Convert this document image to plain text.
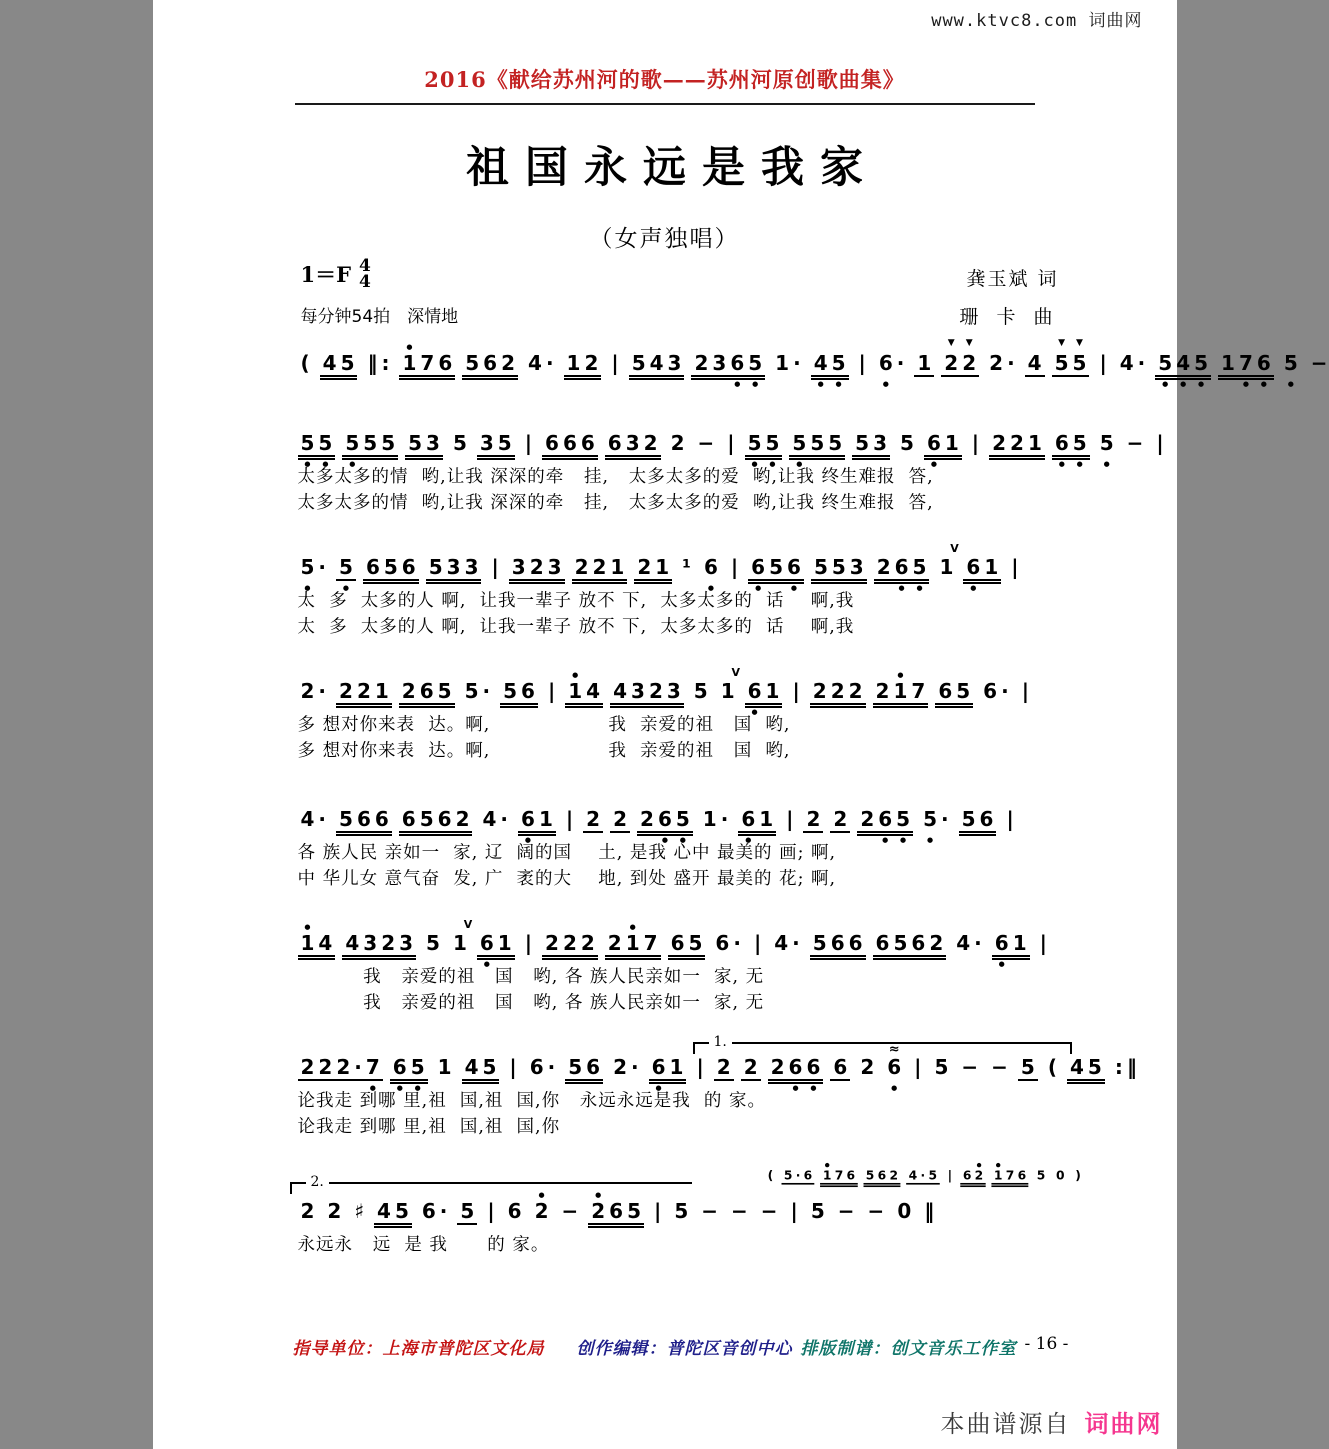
www.ktvc8.com 词曲网
2016《献给苏州河的歌——苏州河原创歌曲集》
祖国永远是我家
（女声独唱）
1＝F 4
4
每分钟54拍　深情地
龚玉斌 词
珊 卡 曲
( 4 5 ‖ : 1
●
7 6 5 6 2 4 · 1 2 | 5 4 3 2 3 6
●
5
●
1 · 4
●
5
●
| 6
●
· 1 2
▼
2
▼
2 · 4 5
▼
5
▼
| 4 · 5
●
4
●
5
●
1 7
●
6
●
5
●
−
5
●
5
●
5
●
5 5 5 3 5 3 5 | 6 6 6 6 3 2 2 − | 5
●
5
●
5
●
5 5 5 3 5 6
●
1 | 2 2 1 6
●
5
●
5
●
− |
太多太多的情  哟,让我 深深的牵   挂,   太多太多的爱  哟,让我 终生难报  答,
太多太多的情  哟,让我 深深的牵   挂,   太多太多的爱  哟,让我 终生难报  答,
5
●
· 5
●
6 5 6 5 3 3 | 3 2 3 2 2 1 2 1 ¹ 6
●
| 6
●
5 6
●
5 5 3 2 6
●
5
●
1
V
6
●
1 |
太  多  太多的人 啊,  让我一辈子 放不 下,  太多太多的  话    啊,我
太  多  太多的人 啊,  让我一辈子 放不 下,  太多太多的  话    啊,我
2 · 2 2 1 2 6 5 5 · 5 6 | 1
●
4 4 3 2 3 5 1
V
6
●
1 | 2 2 2 2 1
●
7 6 5 6 · |
多 想对你来表  达。啊,                  我  亲爱的祖   国  哟,
多 想对你来表  达。啊,                  我  亲爱的祖   国  哟,
4 · 5 6 6 6 5 6 2 4 · 6
●
1 | 2 2 2 6
●
5
●
1 · 6
●
1 | 2 2 2 6
●
5
●
5
●
· 5 6 |
各 族人民 亲如一  家, 辽  阔的国    土, 是我 心中 最美的 画; 啊,
中 华儿女 意气奋  发, 广  袤的大    地, 到处 盛开 最美的 花; 啊,
1
●
4 4 3 2 3 5 1
V
6
●
1 | 2 2 2 2 1
●
7 6 5 6 · | 4 · 5 6 6 6 5 6 2 4 · 6
●
1 |
我   亲爱的祖   国   哟, 各 族人民亲如一  家, 无
我   亲爱的祖   国   哟, 各 族人民亲如一  家, 无
1.
2 2 2 · 7
●
6
●
5
●
1 4 5 | 6 · 5 6 2 · 6
●
1 | 2 2 2 6
●
6
●
6 2 6
●
≈
| 5 − − 5 ( 4 5 : ‖
论我走 到哪 里,祖  国,祖  国,你   永远永远是我  的 家。
论我走 到哪 里,祖  国,祖  国,你
2.	( 5 · 6 1
●
7 6 5 6 2 4 · 5 | 6 2
●
1
●
7 6 5 0 )
2 2 ♯ 4 5 6 · 5 | 6 2
●
− 2
●
6 5 | 5 − − − | 5 − − 0 ‖
永远永   远  是 我      的 家。
指导单位：上海市普陀区文化局 创作编辑：普陀区音创中心 排版制谱：创文音乐工作室 - 16 -
本曲谱源自 词曲网
